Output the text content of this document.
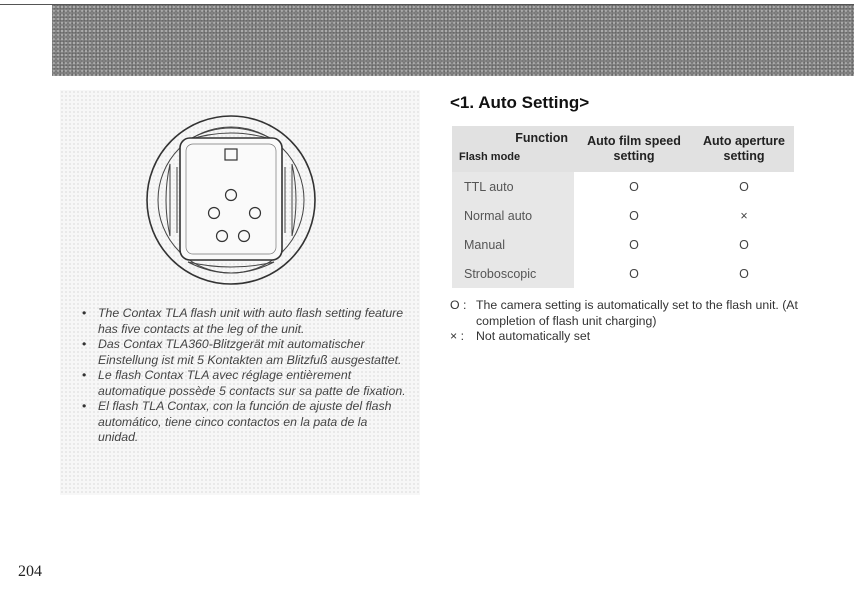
• The Contax TLA flash unit with auto flash setting feature has five contacts at the leg of the unit.
• Das Contax TLA360-Blitzgerät mit automatischer Einstellung ist mit 5 Kontakten am Blitzfuß ausgestattet.
• Le flash Contax TLA avec réglage entièrement automatique possède 5 contacts sur sa patte de fixation.
• El flash TLA Contax, con la función de ajuste del flash automático, tiene cinco contactos en la pata de la unidad.
<1. Auto Setting>
Function
Flash mode	Auto film speed setting	Auto aperture setting
TTL auto	O	O
Normal auto	O	×
Manual	O	O
Stroboscopic	O	O
O : The camera setting is automatically set to the flash unit. (At completion of flash unit charging)
× : Not automatically set
204
